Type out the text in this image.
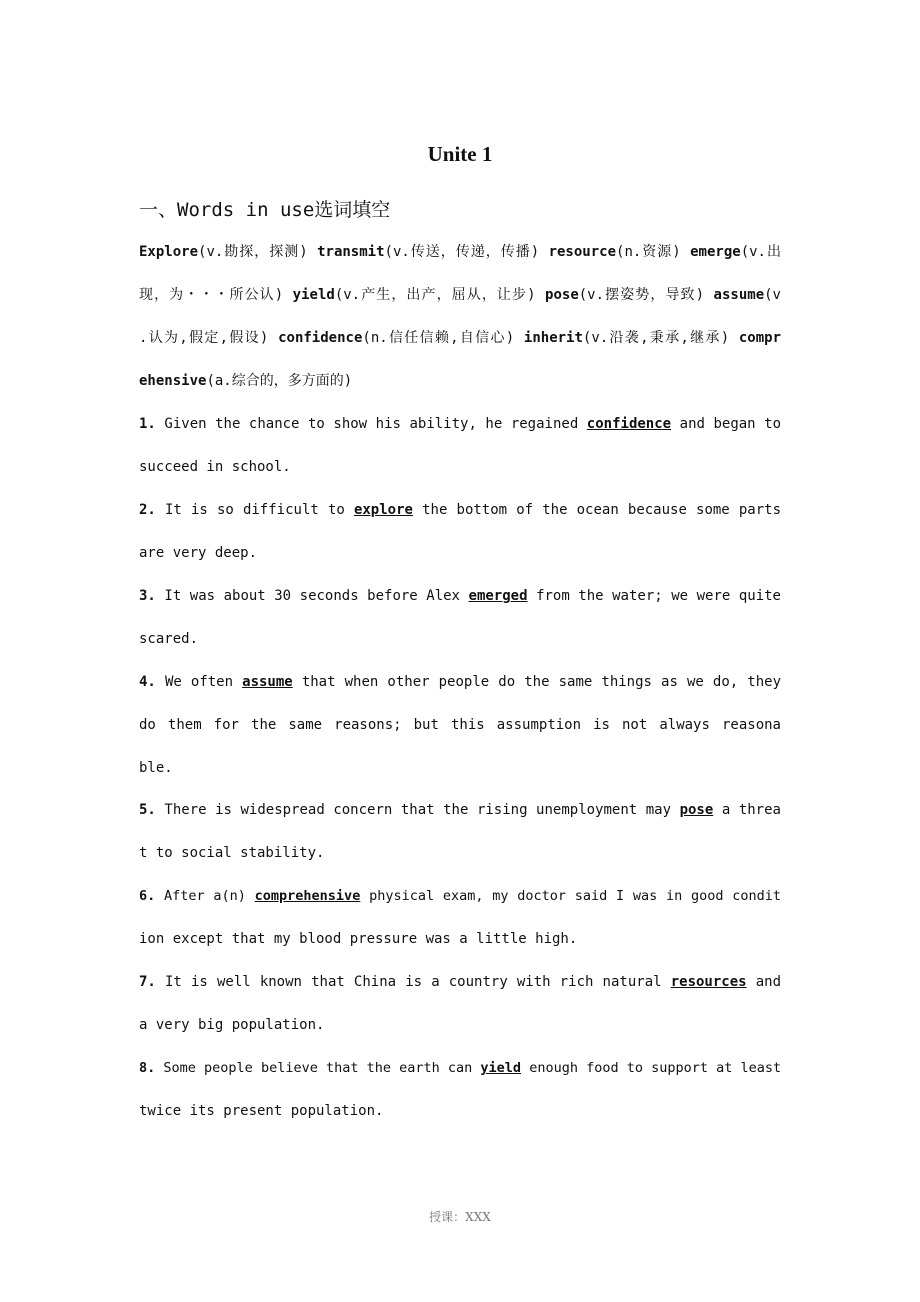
Unite 1
一、Words in use选词填空
Explore(v.勘探，探测) transmit(v.传送，传递，传播) resource(n.资源) emerge(v.出
现，为・・・所公认) yield(v.产生，出产，屈从，让步) pose(v.摆姿势，导致) assume(v
.认为,假定,假设) confidence(n.信任信赖,自信心) inherit(v.沿袭,秉承,继承) compr
ehensive(a.综合的，多方面的)
1. Given the chance to show his ability, he regained confidence and began to
succeed in school.
2. It is so difficult to explore the bottom of the ocean because some parts
are very deep.
3. It was about 30 seconds before Alex emerged from the water; we were quite
scared.
4. We often assume that when other people do the same things as we do, they
do them for the same reasons; but this assumption is not always reasona
ble.
5. There is widespread concern that the rising unemployment may pose a threa
t to social stability.
6. After a(n) comprehensive physical exam, my doctor said I was in good condit
ion except that my blood pressure was a little high.
7. It is well known that China is a country with rich natural resources and
a very big population.
8. Some people believe that the earth can yield enough food to support at least
twice its present population.
授课：XXX
